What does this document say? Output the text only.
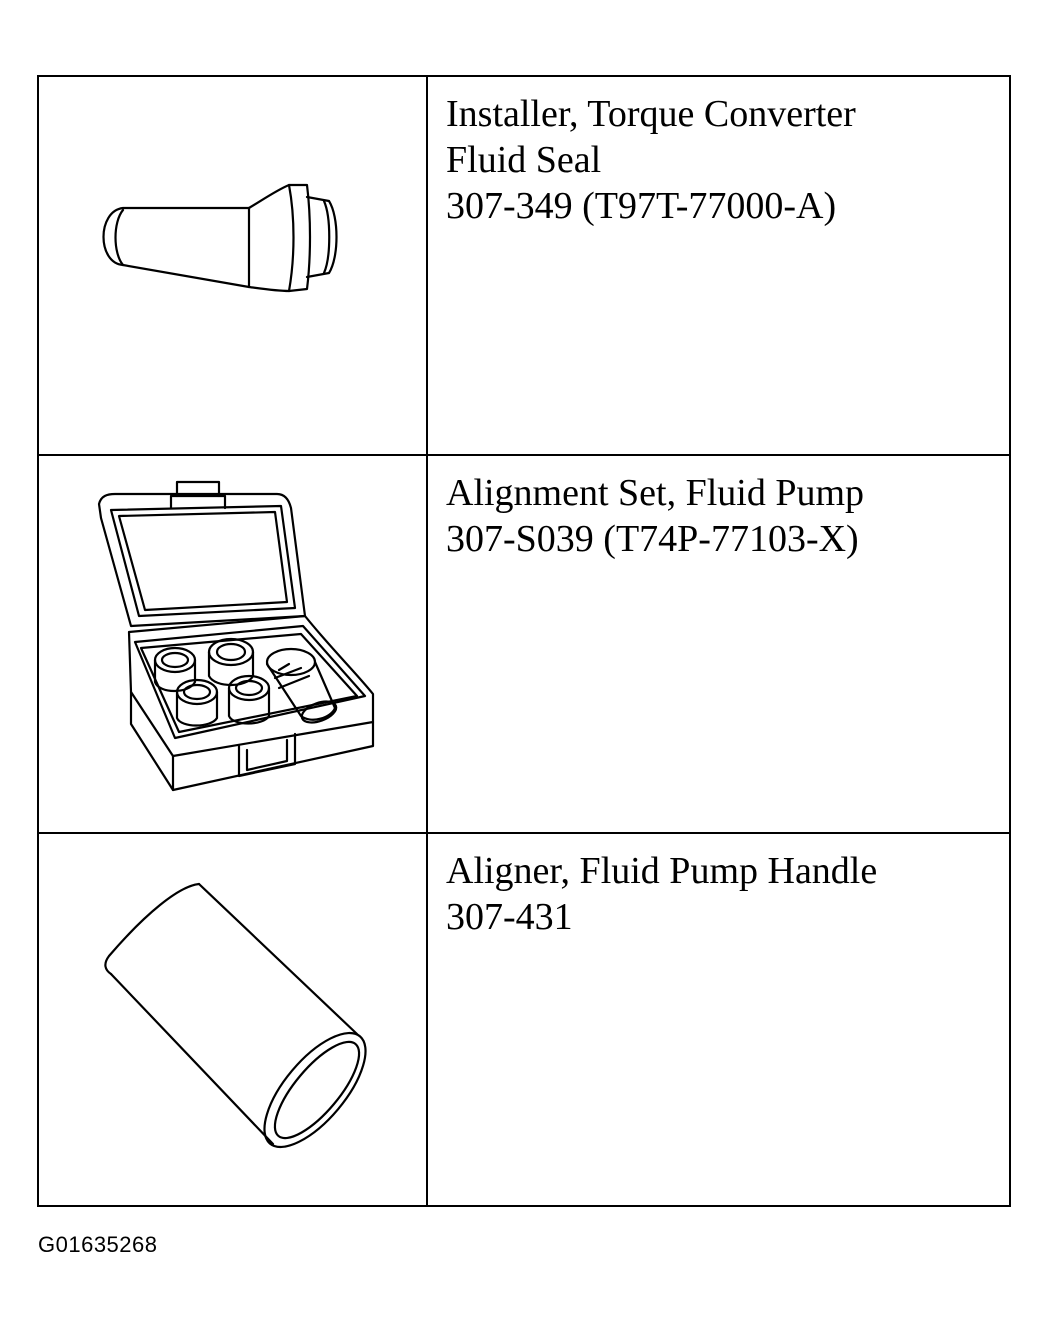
Installer, Torque Converter
Fluid Seal
307-349 (T97T-77000-A)
Alignment Set, Fluid Pump
307-S039 (T74P-77103-X)
Aligner, Fluid Pump Handle
307-431
G01635268
